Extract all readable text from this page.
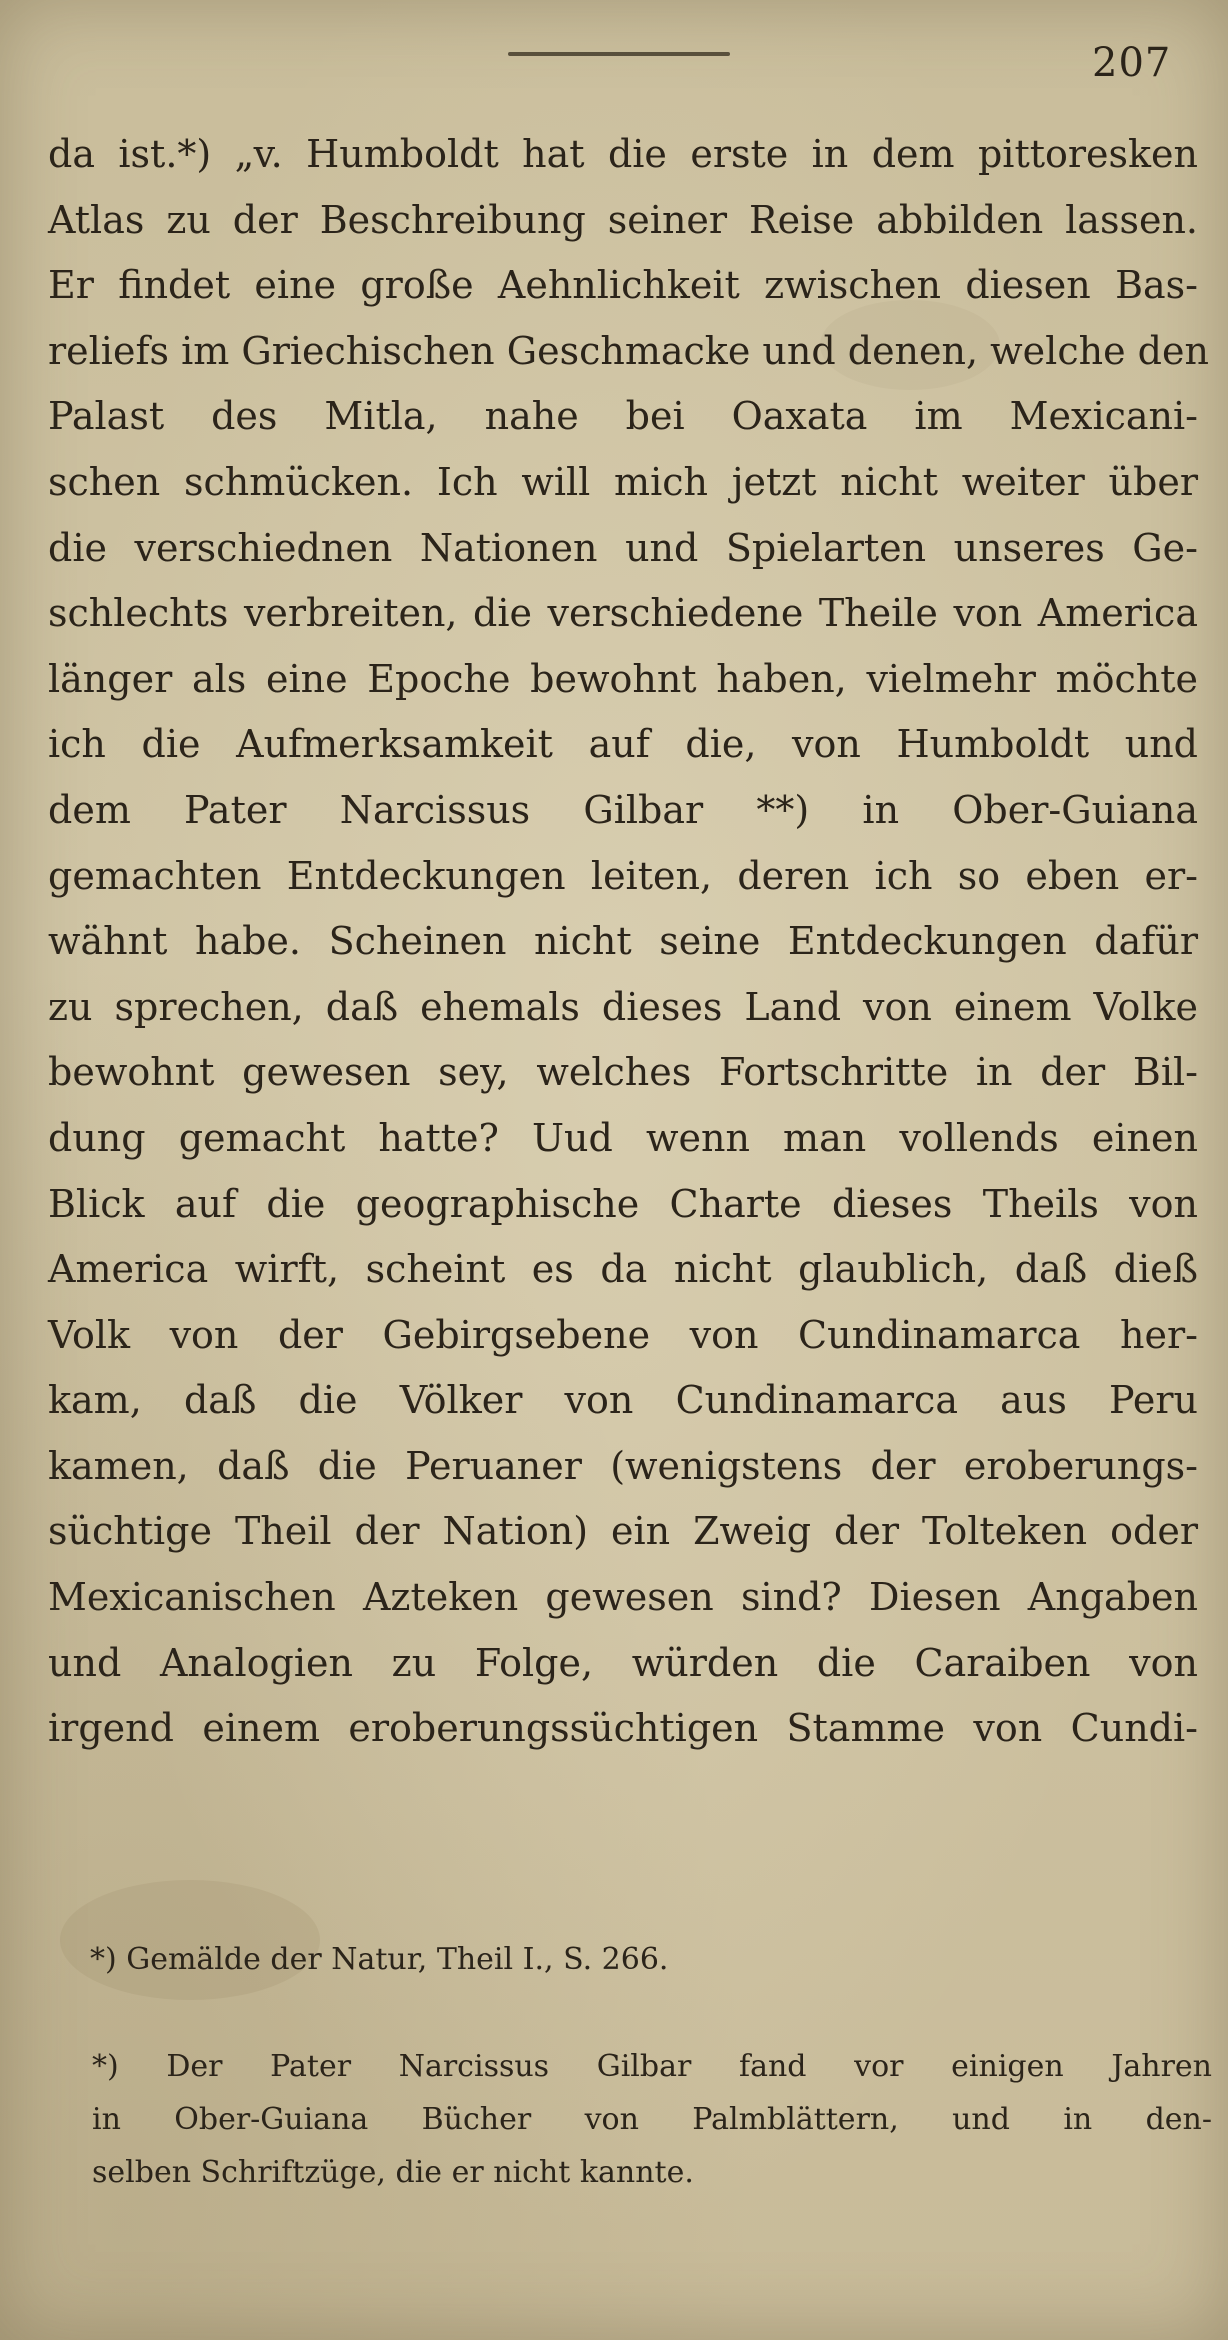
207
da ist.*) „v. Humboldt hat die erste in dem pittoresken
Atlas zu der Beschreibung seiner Reise abbilden lassen.
Er findet eine große Aehnlichkeit zwischen diesen Bas-
reliefs im Griechischen Geschmacke und denen, welche den
Palast des Mitla, nahe bei Oaxata im Mexicani-
schen schmücken. Ich will mich jetzt nicht weiter über
die verschiednen Nationen und Spielarten unseres Ge-
schlechts verbreiten, die verschiedene Theile von America
länger als eine Epoche bewohnt haben, vielmehr möchte
ich die Aufmerksamkeit auf die, von Humboldt und
dem Pater Narcissus Gilbar **) in Ober-Guiana
gemachten Entdeckungen leiten, deren ich so eben er-
wähnt habe. Scheinen nicht seine Entdeckungen dafür
zu sprechen, daß ehemals dieses Land von einem Volke
bewohnt gewesen sey, welches Fortschritte in der Bil-
dung gemacht hatte? Uud wenn man vollends einen
Blick auf die geographische Charte dieses Theils von
America wirft, scheint es da nicht glaublich, daß dieß
Volk von der Gebirgsebene von Cundinamarca her-
kam, daß die Völker von Cundinamarca aus Peru
kamen, daß die Peruaner (wenigstens der eroberungs-
süchtige Theil der Nation) ein Zweig der Tolteken oder
Mexicanischen Azteken gewesen sind? Diesen Angaben
und Analogien zu Folge, würden die Caraiben von
irgend einem eroberungssüchtigen Stamme von Cundi-
*) Gemälde der Natur, Theil I., S. 266.
*) Der Pater Narcissus Gilbar fand vor einigen Jahren
in Ober-Guiana Bücher von Palmblättern, und in den-
selben Schriftzüge, die er nicht kannte.
